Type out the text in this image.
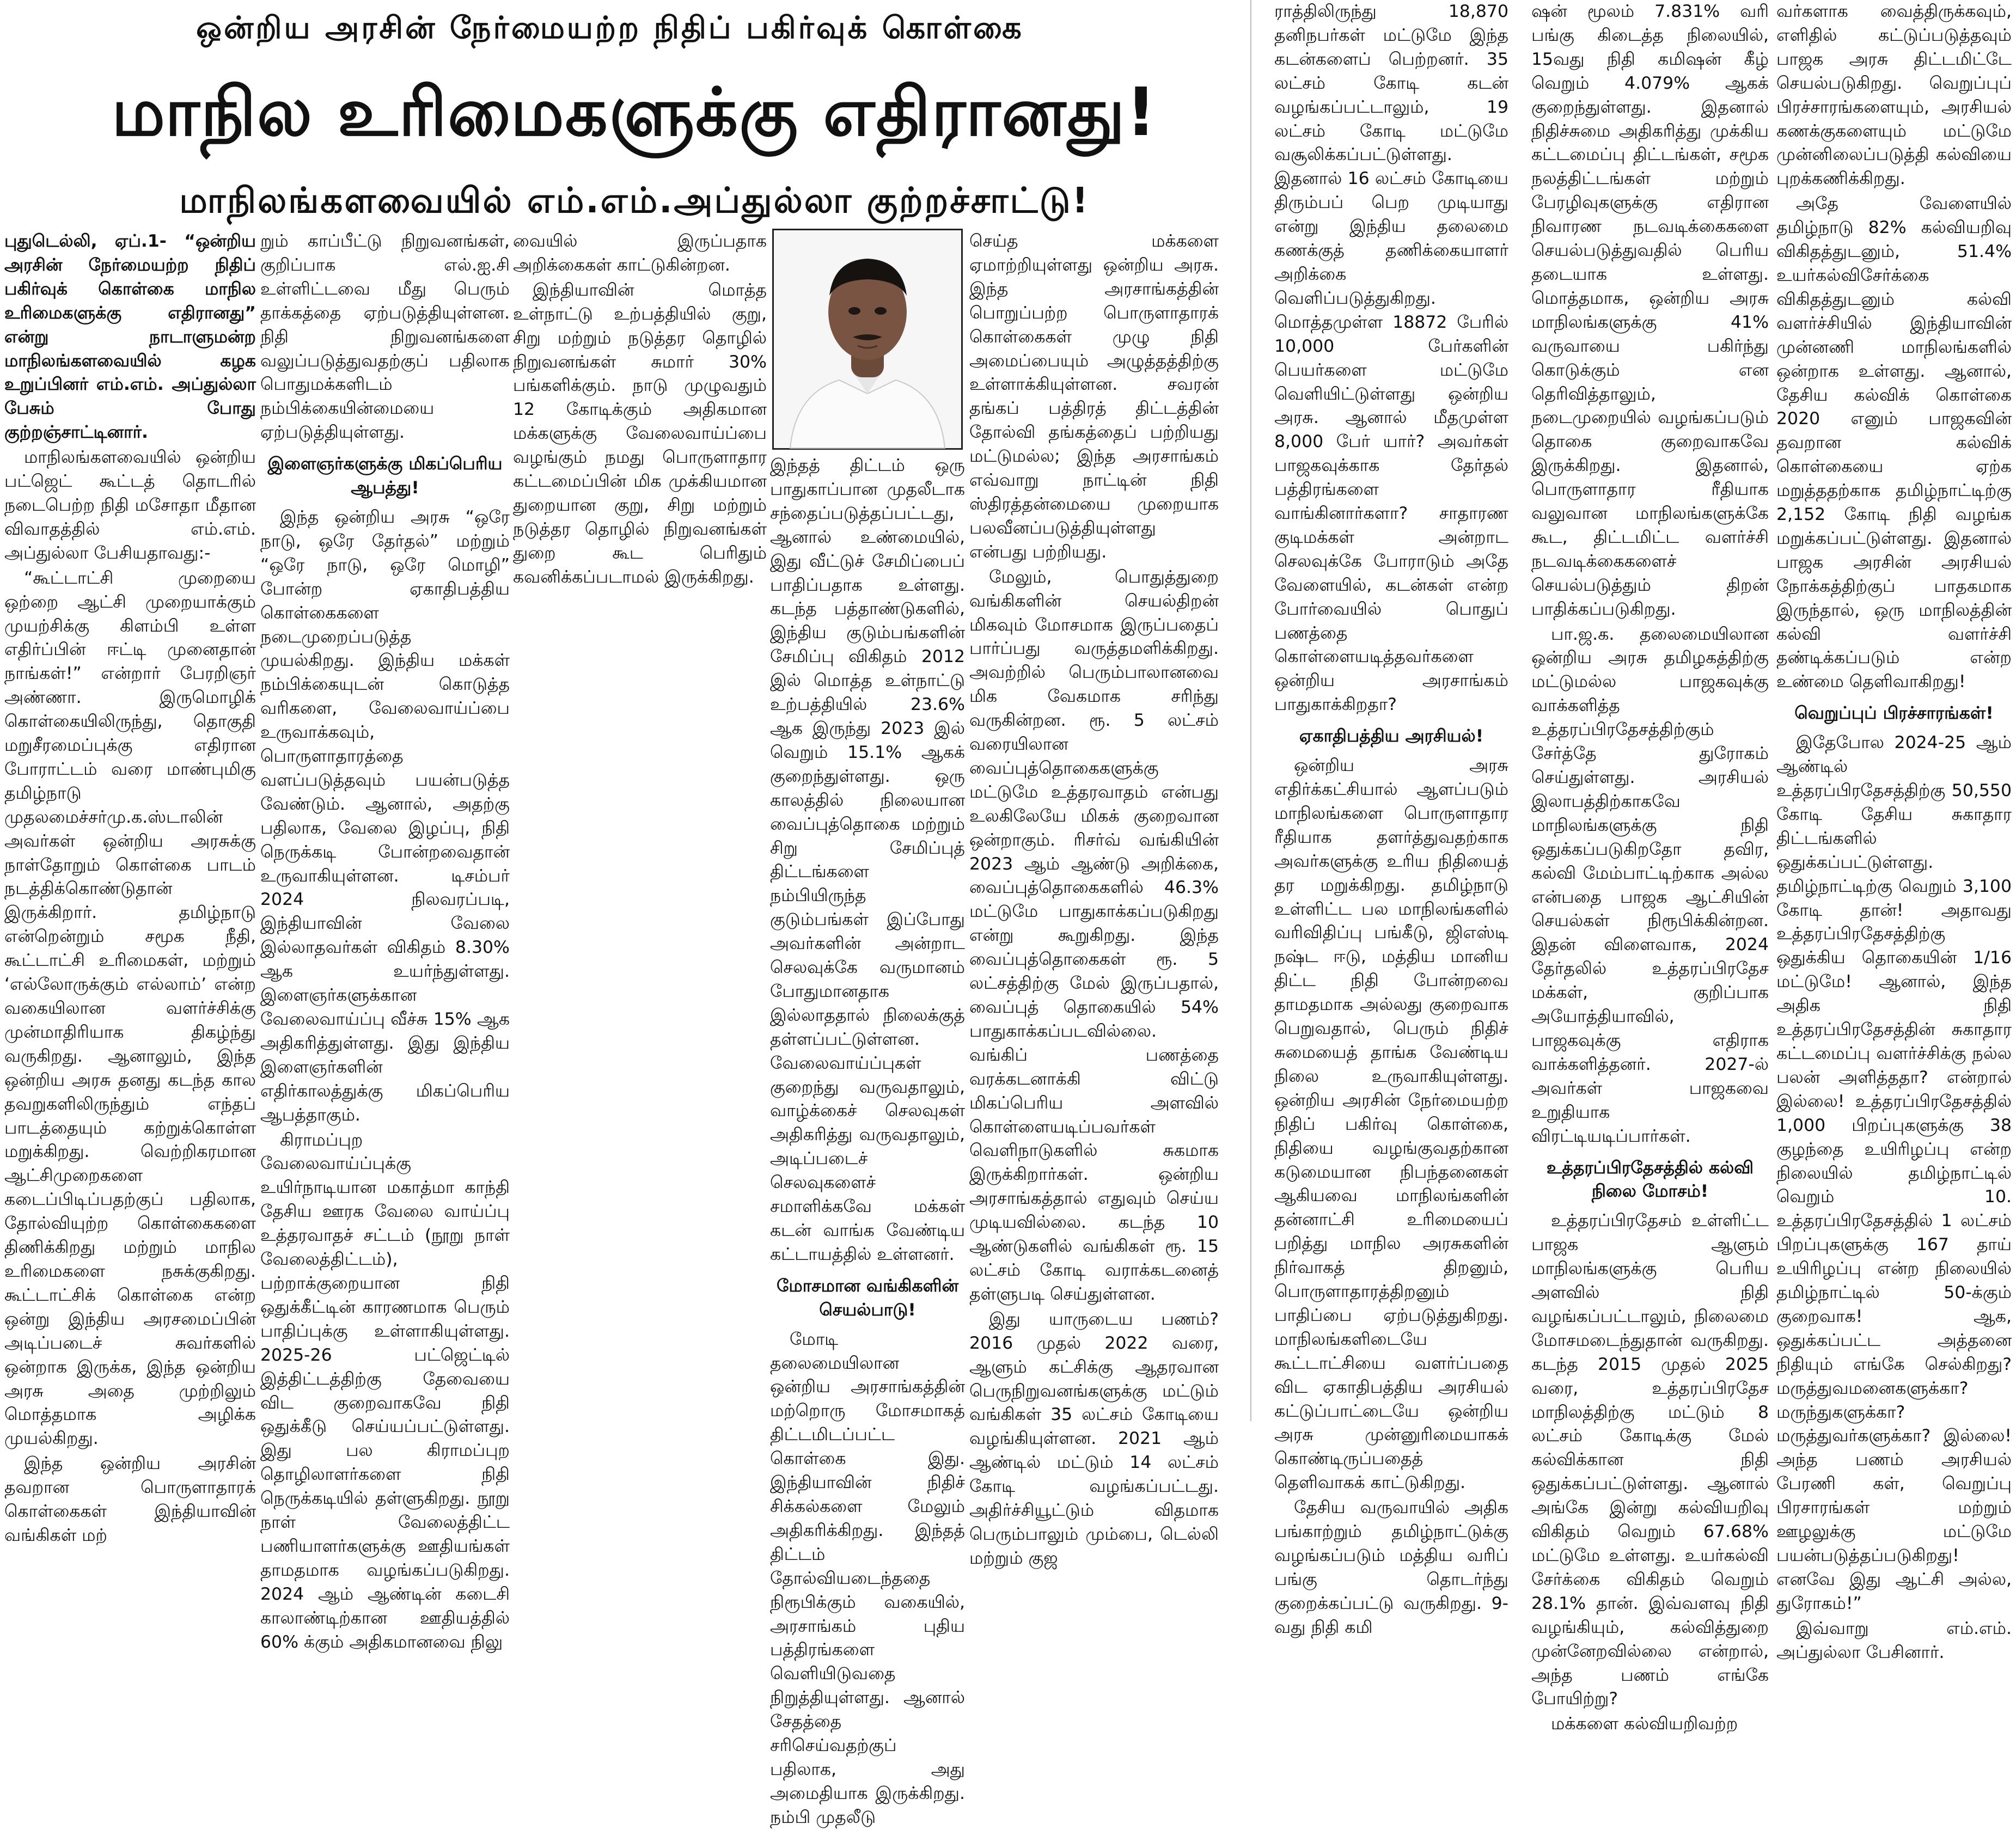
ஒன்றிய அரசின் நேர்மையற்ற நிதிப் பகிர்வுக் கொள்கை
மாநில உரிமைகளுக்கு எதிரானது!
மாநிலங்களவையில் எம்.எம்.அப்துல்லா குற்றச்சாட்டு!

புதுடெல்லி, ஏப்.1- “ஒன்றிய அரசின் நேர்மையற்ற நிதிப் பகிர்வுக் கொள்கை மாநில உரிமைகளுக்கு எதிரானது” என்று நாடாளுமன்ற மாநிலங்களவையில் கழக உறுப்பினர் எம்.எம். அப்துல்லா பேசும் போது குற்றஞ்சாட்டினார்.

மாநிலங்களவையில் ஒன்றிய பட்ஜெட் கூட்டத் தொடரில் நடைபெற்ற நிதி மசோதா மீதான விவாதத்தில் எம்.எம். அப்துல்லா பேசியதாவது:-

“கூட்டாட்சி முறையை ஒற்றை ஆட்சி முறையாக்கும் முயற்சிக்கு கிளம்பி உள்ள எதிர்ப்பின் ஈட்டி முனைதான் நாங்கள்!” என்றார் பேரறிஞர் அண்ணா. இருமொழிக் கொள்கையிலிருந்து, தொகுதி மறுசீரமைப்புக்கு எதிரான போராட்டம் வரை மாண்புமிகு தமிழ்நாடு முதலமைச்சர்மு.க.ஸ்டாலின் அவர்கள் ஒன்றிய அரசுக்கு நாள்தோறும் கொள்கை பாடம் நடத்திக்கொண்டுதான் இருக்கிறார். தமிழ்நாடு என்றென்றும் சமூக நீதி, கூட்டாட்சி உரிமைகள், மற்றும் ‘எல்லோருக்கும் எல்லாம்’ என்ற வகையிலான வளர்ச்சிக்கு முன்மாதிரியாக திகழ்ந்து வருகிறது. ஆனாலும், இந்த ஒன்றிய அரசு தனது கடந்த கால தவறுகளிலிருந்தும் எந்தப் பாடத்தையும் கற்றுக்கொள்ள மறுக்கிறது. வெற்றிகரமான ஆட்சிமுறைகளை கடைப்பிடிப்பதற்குப் பதிலாக, தோல்வியுற்ற கொள்கைகளை திணிக்கிறது மற்றும் மாநில உரிமைகளை நசுக்குகிறது. கூட்டாட்சிக் கொள்கை என்ற ஒன்று இந்திய அரசமைப்பின் அடிப்படைச் சுவர்களில் ஒன்றாக இருக்க, இந்த ஒன்றிய அரசு அதை முற்றிலும் மொத்தமாக அழிக்க முயல்கிறது.

இந்த ஒன்றிய அரசின் தவறான பொருளாதாரக் கொள்கைகள் இந்தியாவின் வங்கிகள் மற்

றும் காப்பீட்டு நிறுவனங்கள், குறிப்பாக எல்.ஐ.சி உள்ளிட்டவை மீது பெரும் தாக்கத்தை ஏற்படுத்தியுள்ளன. நிதி நிறுவனங்களை வலுப்படுத்துவதற்குப் பதிலாக பொதுமக்களிடம் நம்பிக்கையின்மையை ஏற்படுத்தியுள்ளது.

இளைஞர்களுக்கு மிகப்பெரிய ஆபத்து!

இந்த ஒன்றிய அரசு “ஒரே நாடு, ஒரே தேர்தல்” மற்றும் “ஒரே நாடு, ஒரே மொழி” போன்ற ஏகாதிபத்திய கொள்கைகளை நடைமுறைப்படுத்த முயல்கிறது. இந்திய மக்கள் நம்பிக்கையுடன் கொடுத்த வரிகளை, வேலைவாய்ப்பை உருவாக்கவும், பொருளாதாரத்தை வளப்படுத்தவும் பயன்படுத்த வேண்டும். ஆனால், அதற்கு பதிலாக, வேலை இழப்பு, நிதி நெருக்கடி போன்றவைதான் உருவாகியுள்ளன. டிசம்பர் 2024 நிலவரப்படி, இந்தியாவின் வேலை இல்லாதவர்கள் விகிதம் 8.30% ஆக உயர்ந்துள்ளது. இளைஞர்களுக்கான வேலைவாய்ப்பு வீச்சு 15% ஆக அதிகரித்துள்ளது. இது இந்திய இளைஞர்களின் எதிர்காலத்துக்கு மிகப்பெரிய ஆபத்தாகும்.

கிராமப்புற வேலைவாய்ப்புக்கு உயிர்நாடியான மகாத்மா காந்தி தேசிய ஊரக வேலை வாய்ப்பு உத்தரவாதச் சட்டம் (நூறு நாள் வேலைத்திட்டம்), பற்றாக்குறையான நிதி ஒதுக்கீட்டின் காரணமாக பெரும் பாதிப்புக்கு உள்ளாகியுள்ளது. 2025-26 பட்ஜெட்டில் இத்திட்டத்திற்கு தேவையை விட குறைவாகவே நிதி ஒதுக்கீடு செய்யப்பட்டுள்ளது. இது பல கிராமப்புற தொழிலாளர்களை நிதி நெருக்கடியில் தள்ளுகிறது. நூறு நாள் வேலைத்திட்ட பணியாளர்களுக்கு ஊதியங்கள் தாமதமாக வழங்கப்படுகிறது. 2024 ஆம் ஆண்டின் கடைசி காலாண்டிற்கான ஊதியத்தில் 60% க்கும் அதிகமானவை நிலு

வையில் இருப்பதாக அறிக்கைகள் காட்டுகின்றன.

இந்தியாவின் மொத்த உள்நாட்டு உற்பத்தியில் குறு, சிறு மற்றும் நடுத்தர தொழில் நிறுவனங்கள் சுமார் 30% பங்களிக்கும். நாடு முழுவதும் 12 கோடிக்கும் அதிகமான மக்களுக்கு வேலைவாய்ப்பை வழங்கும் நமது பொருளாதார கட்டமைப்பின் மிக முக்கியமான துறையான குறு, சிறு மற்றும் நடுத்தர தொழில் நிறுவனங்கள் துறை கூட பெரிதும் கவனிக்கப்படாமல் இருக்கிறது.

இந்தத் திட்டம் ஒரு பாதுகாப்பான முதலீடாக சந்தைப்படுத்தப்பட்டது, ஆனால் உண்மையில், இது வீட்டுச் சேமிப்பைப் பாதிப்பதாக உள்ளது. கடந்த பத்தாண்டுகளில், இந்திய குடும்பங்களின் சேமிப்பு விகிதம் 2012 இல் மொத்த உள்நாட்டு உற்பத்தியில் 23.6% ஆக இருந்து 2023 இல் வெறும் 15.1% ஆகக் குறைந்துள்ளது. ஒரு காலத்தில் நிலையான வைப்புத்தொகை மற்றும் சிறு சேமிப்புத் திட்டங்களை நம்பியிருந்த குடும்பங்கள் இப்போது அவர்களின் அன்றாட செலவுக்கே வருமானம் போதுமானதாக இல்லாததால் நிலைக்குத் தள்ளப்பட்டுள்ளன. வேலைவாய்ப்புகள் குறைந்து வருவதாலும், வாழ்க்கைச் செலவுகள் அதிகரித்து வருவதாலும், அடிப்படைச் செலவுகளைச் சமாளிக்கவே மக்கள் கடன் வாங்க வேண்டிய கட்டாயத்தில் உள்ளனர்.

மோசமான வங்கிகளின் செயல்பாடு!

மோடி தலைமையிலான ஒன்றிய அரசாங்கத்தின் மற்றொரு மோசமாகத் திட்டமிடப்பட்ட கொள்கை இது. இந்தியாவின் நிதிச் சிக்கல்களை மேலும் அதிகரிக்கிறது. இந்தத் திட்டம் தோல்வியடைந்ததை நிரூபிக்கும் வகையில், அரசாங்கம் புதிய பத்திரங்களை வெளியிடுவதை நிறுத்தியுள்ளது. ஆனால் சேதத்தை சரிசெய்வதற்குப் பதிலாக, அது அமைதியாக இருக்கிறது. நம்பி முதலீடு

செய்த மக்களை ஏமாற்றியுள்ளது ஒன்றிய அரசு. இந்த அரசாங்கத்தின் பொறுப்பற்ற பொருளாதாரக் கொள்கைகள் முழு நிதி அமைப்பையும் அழுத்தத்திற்கு உள்ளாக்கியுள்ளன. சவரன் தங்கப் பத்திரத் திட்டத்தின் தோல்வி தங்கத்தைப் பற்றியது மட்டுமல்ல; இந்த அரசாங்கம் எவ்வாறு நாட்டின் நிதி ஸ்திரத்தன்மையை முறையாக பலவீனப்படுத்தியுள்ளது என்பது பற்றியது.

மேலும், பொதுத்துறை வங்கிகளின் செயல்திறன் மிகவும் மோசமாக இருப்பதைப் பார்ப்பது வருத்தமளிக்கிறது. அவற்றில் பெரும்பாலானவை மிக வேகமாக சரிந்து வருகின்றன. ரூ. 5 லட்சம் வரையிலான வைப்புத்தொகைகளுக்கு மட்டுமே உத்தரவாதம் என்பது உலகிலேயே மிகக் குறைவான ஒன்றாகும். ரிசர்வ் வங்கியின் 2023 ஆம் ஆண்டு அறிக்கை, வைப்புத்தொகைகளில் 46.3% மட்டுமே பாதுகாக்கப்படுகிறது என்று கூறுகிறது. இந்த வைப்புத்தொகைகள் ரூ. 5 லட்சத்திற்கு மேல் இருப்பதால், வைப்புத் தொகையில் 54% பாதுகாக்கப்படவில்லை. வங்கிப் பணத்தை வரக்கடனாக்கி விட்டு மிகப்பெரிய அளவில் கொள்ளையடிப்பவர்கள் வெளிநாடுகளில் சுகமாக இருக்கிறார்கள். ஒன்றிய அரசாங்கத்தால் எதுவும் செய்ய முடியவில்லை. கடந்த 10 ஆண்டுகளில் வங்கிகள் ரூ. 15 லட்சம் கோடி வராக்கடனைத் தள்ளுபடி செய்துள்ளன.

இது யாருடைய பணம்? 2016 முதல் 2022 வரை, ஆளும் கட்சிக்கு ஆதரவான பெருநிறுவனங்களுக்கு மட்டும் வங்கிகள் 35 லட்சம் கோடியை வழங்கியுள்ளன. 2021 ஆம் ஆண்டில் மட்டும் 14 லட்சம் கோடி வழங்கப்பட்டது. அதிர்ச்சியூட்டும் விதமாக பெரும்பாலும் மும்பை, டெல்லி மற்றும் குஜ

ராத்திலிருந்து 18,870 தனிநபர்கள் மட்டுமே இந்த கடன்களைப் பெற்றனர். 35 லட்சம் கோடி கடன் வழங்கப்பட்டாலும், 19 லட்சம் கோடி மட்டுமே வசூலிக்கப்பட்டுள்ளது. இதனால் 16 லட்சம் கோடியை திரும்பப் பெற முடியாது என்று இந்திய தலைமை கணக்குத் தணிக்கையாளர் அறிக்கை வெளிப்படுத்துகிறது. மொத்தமுள்ள 18872 பேரில் 10,000 பேர்களின் பெயர்களை மட்டுமே வெளியிட்டுள்ளது ஒன்றிய அரசு. ஆனால் மீதமுள்ள 8,000 பேர் யார்? அவர்கள் பாஜகவுக்காக தேர்தல் பத்திரங்களை வாங்கினார்களா? சாதாரண குடிமக்கள் அன்றாட செலவுக்கே போராடும் அதே வேளையில், கடன்கள் என்ற போர்வையில் பொதுப் பணத்தை கொள்ளையடித்தவர்களை ஒன்றிய அரசாங்கம் பாதுகாக்கிறதா?

ஏகாதிபத்திய அரசியல்!

ஒன்றிய அரசு எதிர்க்கட்சியால் ஆளப்படும் மாநிலங்களை பொருளாதார ரீதியாக தளர்த்துவதற்காக அவர்களுக்கு உரிய நிதியைத் தர மறுக்கிறது. தமிழ்நாடு உள்ளிட்ட பல மாநிலங்களில் வரிவிதிப்பு பங்கீடு, ஜிஎஸ்டி நஷ்ட ஈடு, மத்திய மானிய திட்ட நிதி போன்றவை தாமதமாக அல்லது குறைவாக பெறுவதால், பெரும் நிதிச் சுமையைத் தாங்க வேண்டிய நிலை உருவாகியுள்ளது. ஒன்றிய அரசின் நேர்மையற்ற நிதிப் பகிர்வு கொள்கை, நிதியை வழங்குவதற்கான கடுமையான நிபந்தனைகள் ஆகியவை மாநிலங்களின் தன்னாட்சி உரிமையைப் பறித்து மாநில அரசுகளின் நிர்வாகத் திறனும், பொருளாதாரத்திறனும் பாதிப்பை ஏற்படுத்துகிறது. மாநிலங்களிடையே கூட்டாட்சியை வளர்ப்பதை விட ஏகாதிபத்திய அரசியல் கட்டுப்பாட்டையே ஒன்றிய அரசு முன்னுரிமையாகக் கொண்டிருப்பதைத் தெளிவாகக் காட்டுகிறது.

தேசிய வருவாயில் அதிக பங்காற்றும் தமிழ்நாட்டுக்கு வழங்கப்படும் மத்திய வரிப் பங்கு தொடர்ந்து குறைக்கப்பட்டு வருகிறது. 9-வது நிதி கமி

ஷன் மூலம் 7.831% வரி பங்கு கிடைத்த நிலையில், 15வது நிதி கமிஷன் கீழ் வெறும் 4.079% ஆகக் குறைந்துள்ளது. இதனால் நிதிச்சுமை அதிகரித்து முக்கிய கட்டமைப்பு திட்டங்கள், சமூக நலத்திட்டங்கள் மற்றும் பேரழிவுகளுக்கு எதிரான நிவாரண நடவடிக்கைகளை செயல்படுத்துவதில் பெரிய தடையாக உள்ளது. மொத்தமாக, ஒன்றிய அரசு மாநிலங்களுக்கு 41% வருவாயை பகிர்ந்து கொடுக்கும் என தெரிவித்தாலும், நடைமுறையில் வழங்கப்படும் தொகை குறைவாகவே இருக்கிறது. இதனால், பொருளாதார ரீதியாக வலுவான மாநிலங்களுக்கே கூட, திட்டமிட்ட வளர்ச்சி நடவடிக்கைகளைச் செயல்படுத்தும் திறன் பாதிக்கப்படுகிறது.

பா.ஜ.க. தலைமையிலான ஒன்றிய அரசு தமிழகத்திற்கு மட்டுமல்ல பாஜகவுக்கு வாக்களித்த உத்தரப்பிரதேசத்திற்கும் சேர்த்தே துரோகம் செய்துள்ளது. அரசியல் இலாபத்திற்காகவே மாநிலங்களுக்கு நிதி ஒதுக்கப்படுகிறதோ தவிர, கல்வி மேம்பாட்டிற்காக அல்ல என்பதை பாஜக ஆட்சியின் செயல்கள் நிரூபிக்கின்றன. இதன் விளைவாக, 2024 தேர்தலில் உத்தரப்பிரதேச மக்கள், குறிப்பாக அயோத்தியாவில், பாஜகவுக்கு எதிராக வாக்களித்தனர். 2027-ல் அவர்கள் பாஜகவை உறுதியாக விரட்டியடிப்பார்கள்.

உத்தரப்பிரதேசத்தில் கல்வி நிலை மோசம்!

உத்தரப்பிரதேசம் உள்ளிட்ட பாஜக ஆளும் மாநிலங்களுக்கு பெரிய அளவில் நிதி வழங்கப்பட்டாலும், நிலைமை மோசமடைந்துதான் வருகிறது. கடந்த 2015 முதல் 2025 வரை, உத்தரப்பிரதேச மாநிலத்திற்கு மட்டும் 8 லட்சம் கோடிக்கு மேல் கல்விக்கான நிதி ஒதுக்கப்பட்டுள்ளது. ஆனால் அங்கே இன்று கல்வியறிவு விகிதம் வெறும் 67.68% மட்டுமே உள்ளது. உயர்கல்வி சேர்க்கை விகிதம் வெறும் 28.1% தான். இவ்வளவு நிதி வழங்கியும், கல்வித்துறை முன்னேறவில்லை என்றால், அந்த பணம் எங்கே போயிற்று?

மக்களை கல்வியறிவற்ற

வர்களாக வைத்திருக்கவும், எளிதில் கட்டுப்படுத்தவும் பாஜக அரசு திட்டமிட்டே செயல்படுகிறது. வெறுப்புப் பிரச்சாரங்களையும், அரசியல் கணக்குகளையும் மட்டுமே முன்னிலைப்படுத்தி கல்வியை புறக்கணிக்கிறது.

அதே வேளையில் தமிழ்நாடு 82% கல்வியறிவு விகிதத்துடனும், 51.4% உயர்கல்விசேர்க்கை விகிதத்துடனும் கல்வி வளர்ச்சியில் இந்தியாவின் முன்னணி மாநிலங்களில் ஒன்றாக உள்ளது. ஆனால், தேசிய கல்விக் கொள்கை 2020 எனும் பாஜகவின் தவறான கல்விக் கொள்கையை ஏற்க மறுத்ததற்காக தமிழ்நாட்டிற்கு 2,152 கோடி நிதி வழங்க மறுக்கப்பட்டுள்ளது. இதனால் பாஜக அரசின் அரசியல் நோக்கத்திற்குப் பாதகமாக இருந்தால், ஒரு மாநிலத்தின் கல்வி வளர்ச்சி தண்டிக்கப்படும் என்ற உண்மை தெளிவாகிறது!

வெறுப்புப் பிரச்சாரங்கள்!

இதேபோல 2024-25 ஆம் ஆண்டில் உத்தரப்பிரதேசத்திற்கு 50,550 கோடி தேசிய சுகாதார திட்டங்களில் ஒதுக்கப்பட்டுள்ளது. தமிழ்நாட்டிற்கு வெறும் 3,100 கோடி தான்! அதாவது உத்தரப்பிரதேசத்திற்கு ஒதுக்கிய தொகையின் 1/16 மட்டுமே! ஆனால், இந்த அதிக நிதி உத்தரப்பிரதேசத்தின் சுகாதார கட்டமைப்பு வளர்ச்சிக்கு நல்ல பலன் அளித்ததா? என்றால் இல்லை! உத்தரப்பிரதேசத்தில் 1,000 பிறப்புகளுக்கு 38 குழந்தை உயிரிழப்பு என்ற நிலையில் தமிழ்நாட்டில் வெறும் 10. உத்தரப்பிரதேசத்தில் 1 லட்சம் பிறப்புகளுக்கு 167 தாய் உயிரிழப்பு என்ற நிலையில் தமிழ்நாட்டில் 50-க்கும் குறைவாக! ஆக, ஒதுக்கப்பட்ட அத்தனை நிதியும் எங்கே செல்கிறது? மருத்துவமனைகளுக்கா? மருந்துகளுக்கா? மருத்துவர்களுக்கா? இல்லை! அந்த பணம் அரசியல் பேரணி கள், வெறுப்பு பிரசாரங்கள் மற்றும் ஊழலுக்கு மட்டுமே பயன்படுத்தப்படுகிறது! எனவே இது ஆட்சி அல்ல, துரோகம்!”

இவ்வாறு எம்.எம். அப்துல்லா பேசினார்.
